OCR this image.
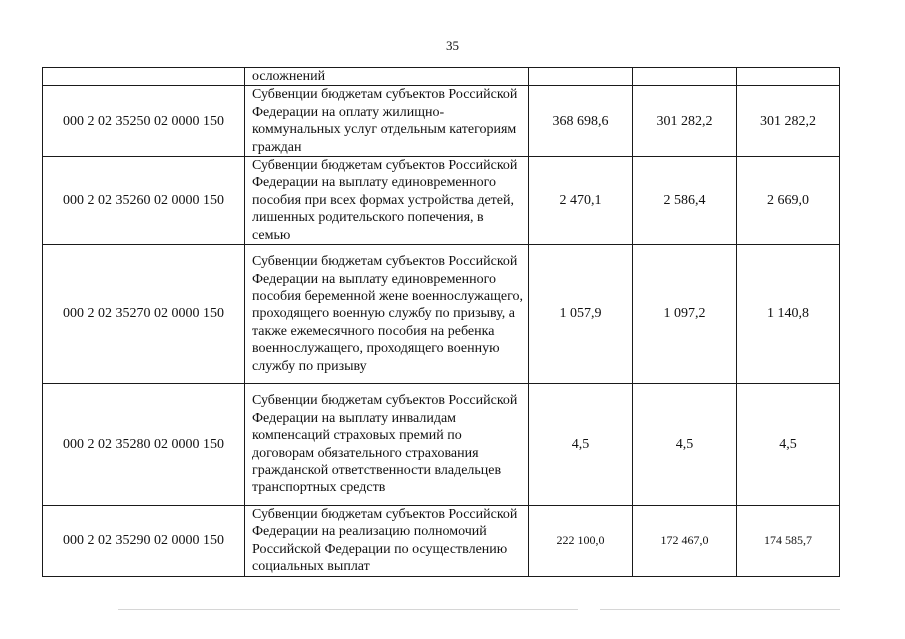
35
	осложнений			
000 2 02 35250 02 0000 150	Субвенции бюджетам субъектов Российской Федерации на оплату жилищно-коммунальных услуг отдельным категориям граждан	368 698,6	301 282,2	301 282,2
000 2 02 35260 02 0000 150	Субвенции бюджетам субъектов Российской Федерации на выплату единовременного пособия при всех формах устройства детей, лишенных родительского попечения, в семью	2 470,1	2 586,4	2 669,0
000 2 02 35270 02 0000 150	Субвенции бюджетам субъектов Российской Федерации на выплату единовременного пособия беременной жене военнослужащего, проходящего военную службу по призыву, а также ежемесячного пособия на ребенка военнослужащего, проходящего военную службу по призыву	1 057,9	1 097,2	1 140,8
000 2 02 35280 02 0000 150	Субвенции бюджетам субъектов Российской Федерации на выплату инвалидам компенсаций страховых премий по договорам обязательного страхования гражданской ответственности владельцев транспортных средств	4,5	4,5	4,5
000 2 02 35290 02 0000 150	Субвенции бюджетам субъектов Российской Федерации на реализацию полномочий Российской Федерации по осуществлению социальных выплат	222 100,0	172 467,0	174 585,7
